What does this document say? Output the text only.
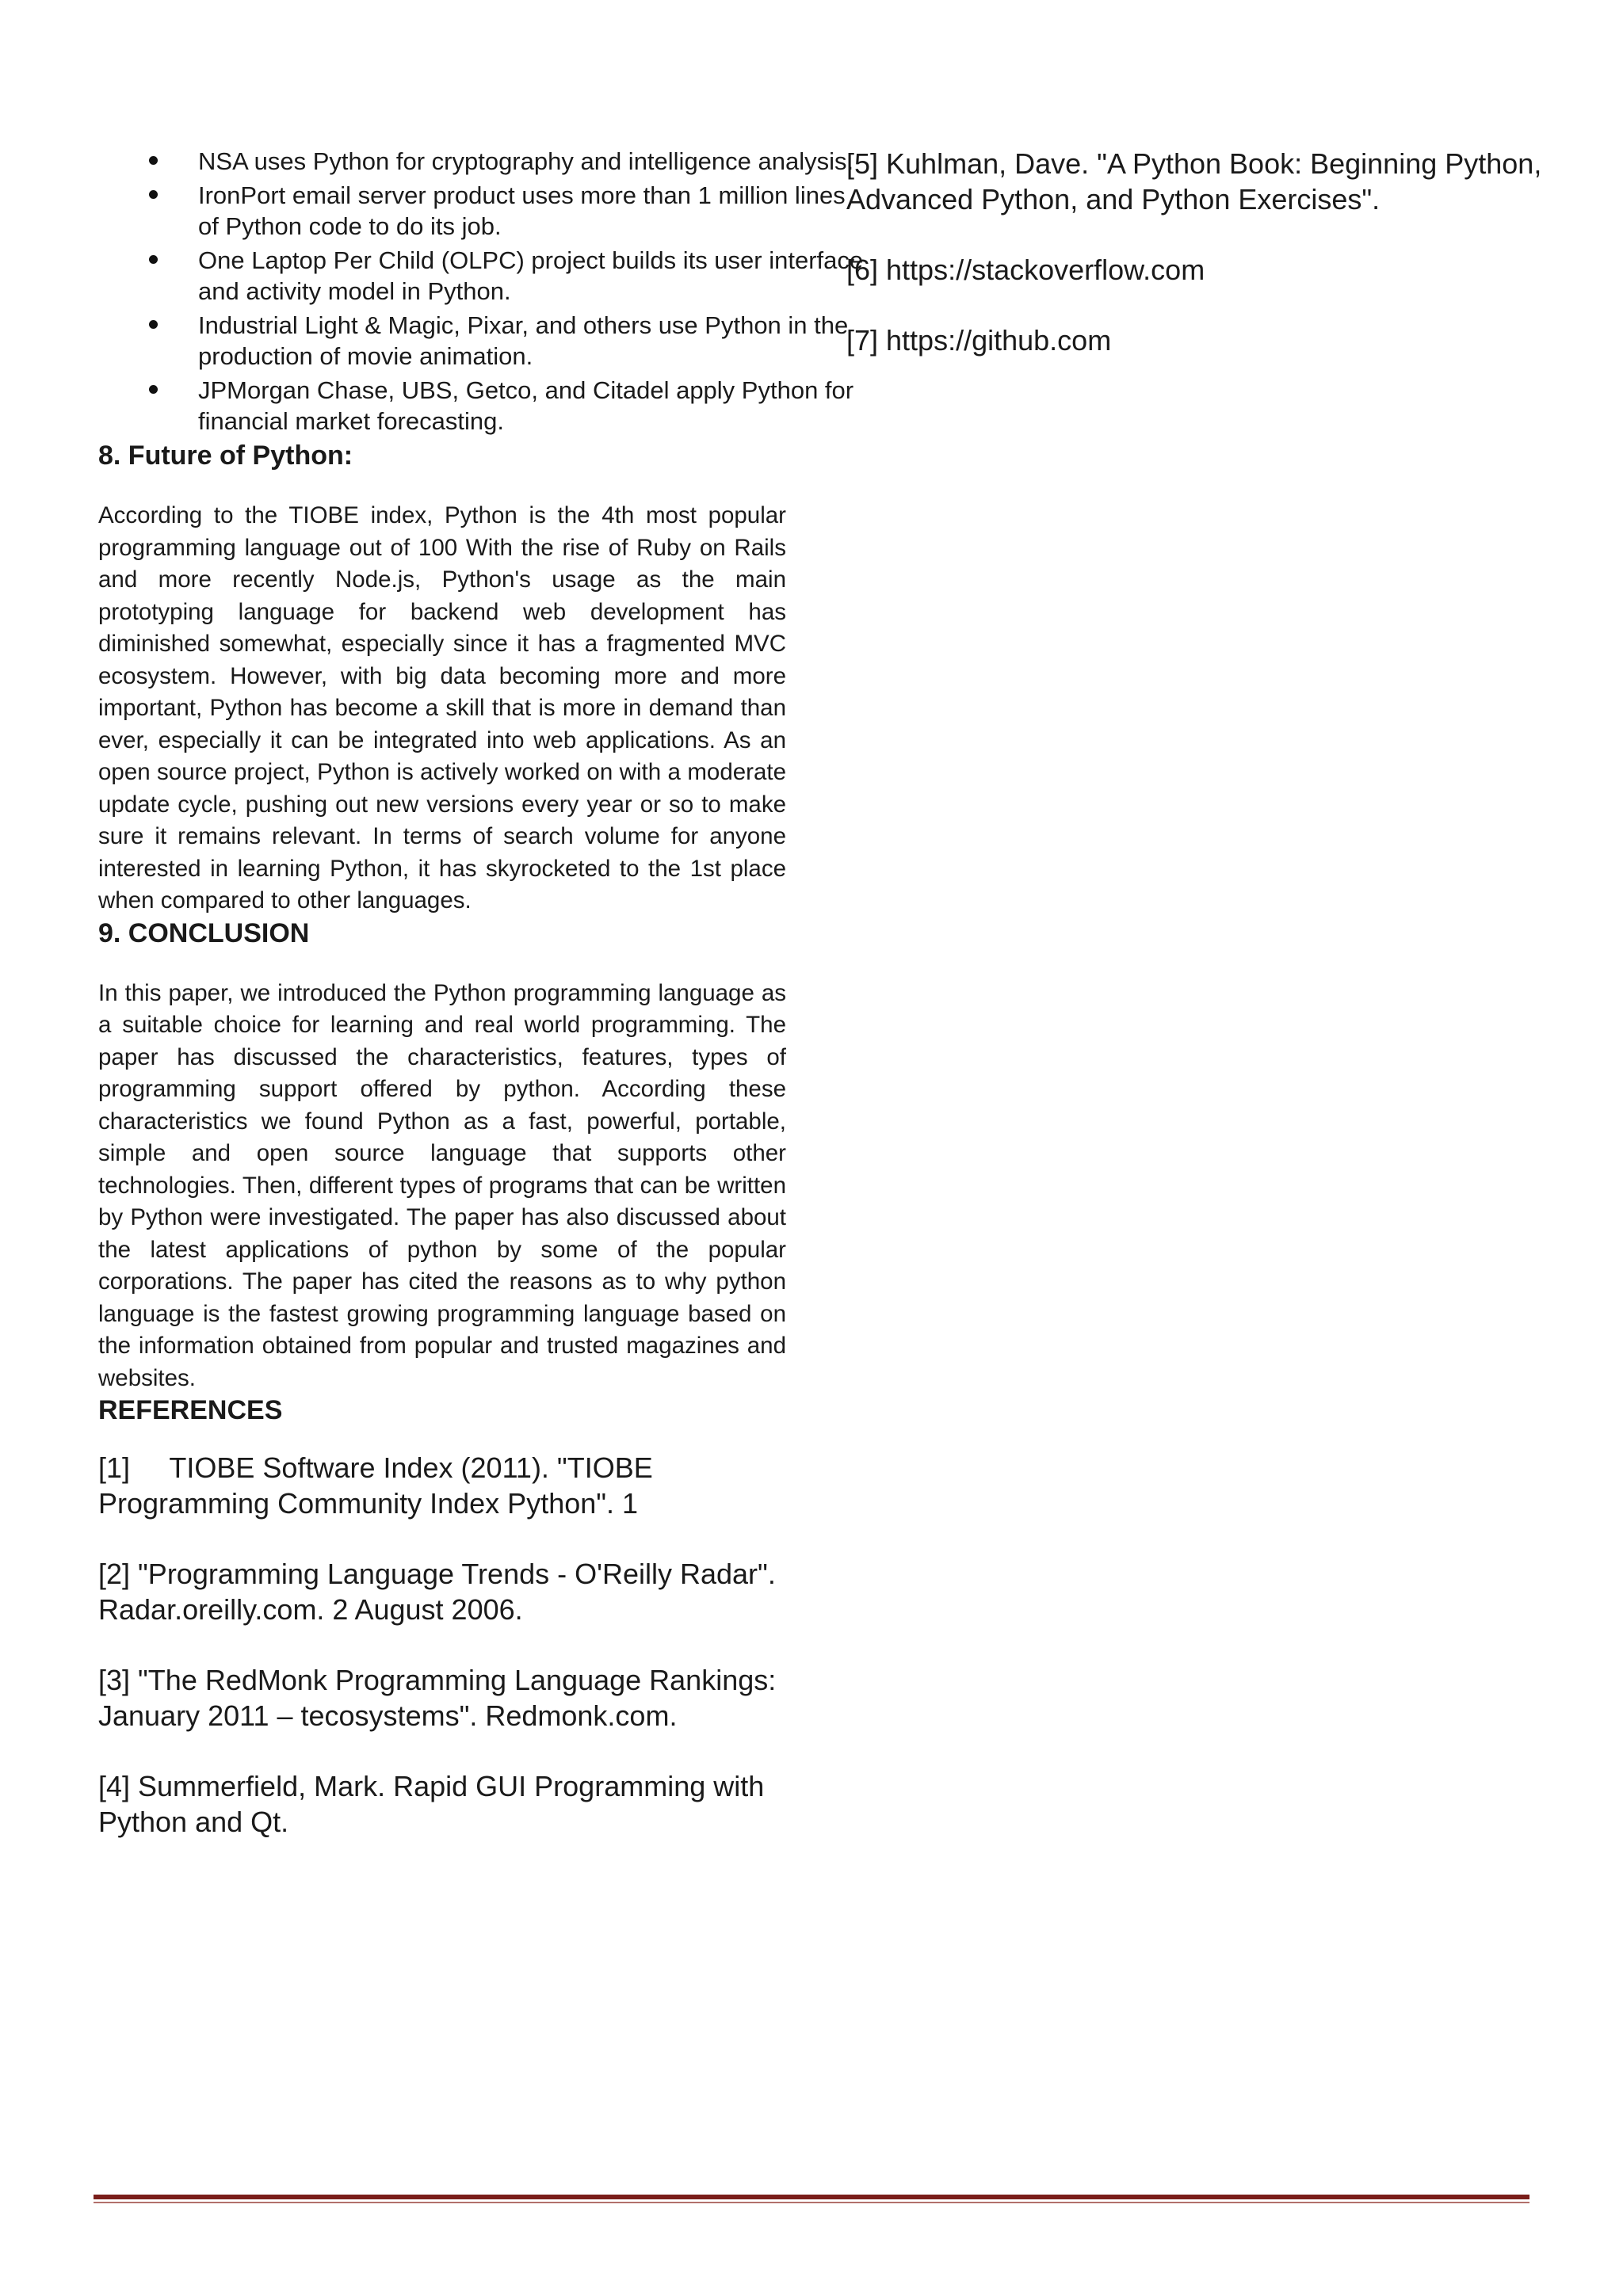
NSA uses Python for cryptography and intelligence analysis.
IronPort email server product uses more than 1 million lines of Python code to do its job.
One Laptop Per Child (OLPC) project builds its user interface and activity model in Python.
Industrial Light & Magic, Pixar, and others use Python in the production of movie animation.
JPMorgan Chase, UBS, Getco, and Citadel apply Python for financial market forecasting.
8. Future of Python:

According to the TIOBE index, Python is the 4th most popular programming language out of 100 With the rise of Ruby on Rails and more recently Node.js, Python's usage as the main prototyping language for backend web development has diminished somewhat, especially since it has a fragmented MVC ecosystem. However, with big data becoming more and more important, Python has become a skill that is more in demand than ever, especially it can be integrated into web applications. As an open source project, Python is actively worked on with a moderate update cycle, pushing out new versions every year or so to make sure it remains relevant. In terms of search volume for anyone interested in learning Python, it has skyrocketed to the 1st place when compared to other languages.

9. CONCLUSION

In this paper, we introduced the Python programming language as a suitable choice for learning and real world programming. The paper has discussed the characteristics, features, types of programming support offered by python. According these characteristics we found Python as a fast, powerful, portable, simple and open source language that supports other technologies. Then, different types of programs that can be written by Python were investigated. The paper has also discussed about the latest applications of python by some of the popular corporations. The paper has cited the reasons as to why python language is the fastest growing programming language based on the information obtained from popular and trusted magazines and websites.

REFERENCES

[1]     TIOBE Software Index (2011). "TIOBE Programming Community Index Python". 1

[2] "Programming Language Trends - O'Reilly Radar". Radar.oreilly.com. 2 August 2006.

[3] "The RedMonk Programming Language Rankings: January 2011 – tecosystems". Redmonk.com.

[4] Summerfield, Mark. Rapid GUI Programming with Python and Qt.

[5] Kuhlman, Dave. "A Python Book: Beginning Python, Advanced Python, and Python Exercises".

[6] https://stackoverflow.com

[7] https://github.com
